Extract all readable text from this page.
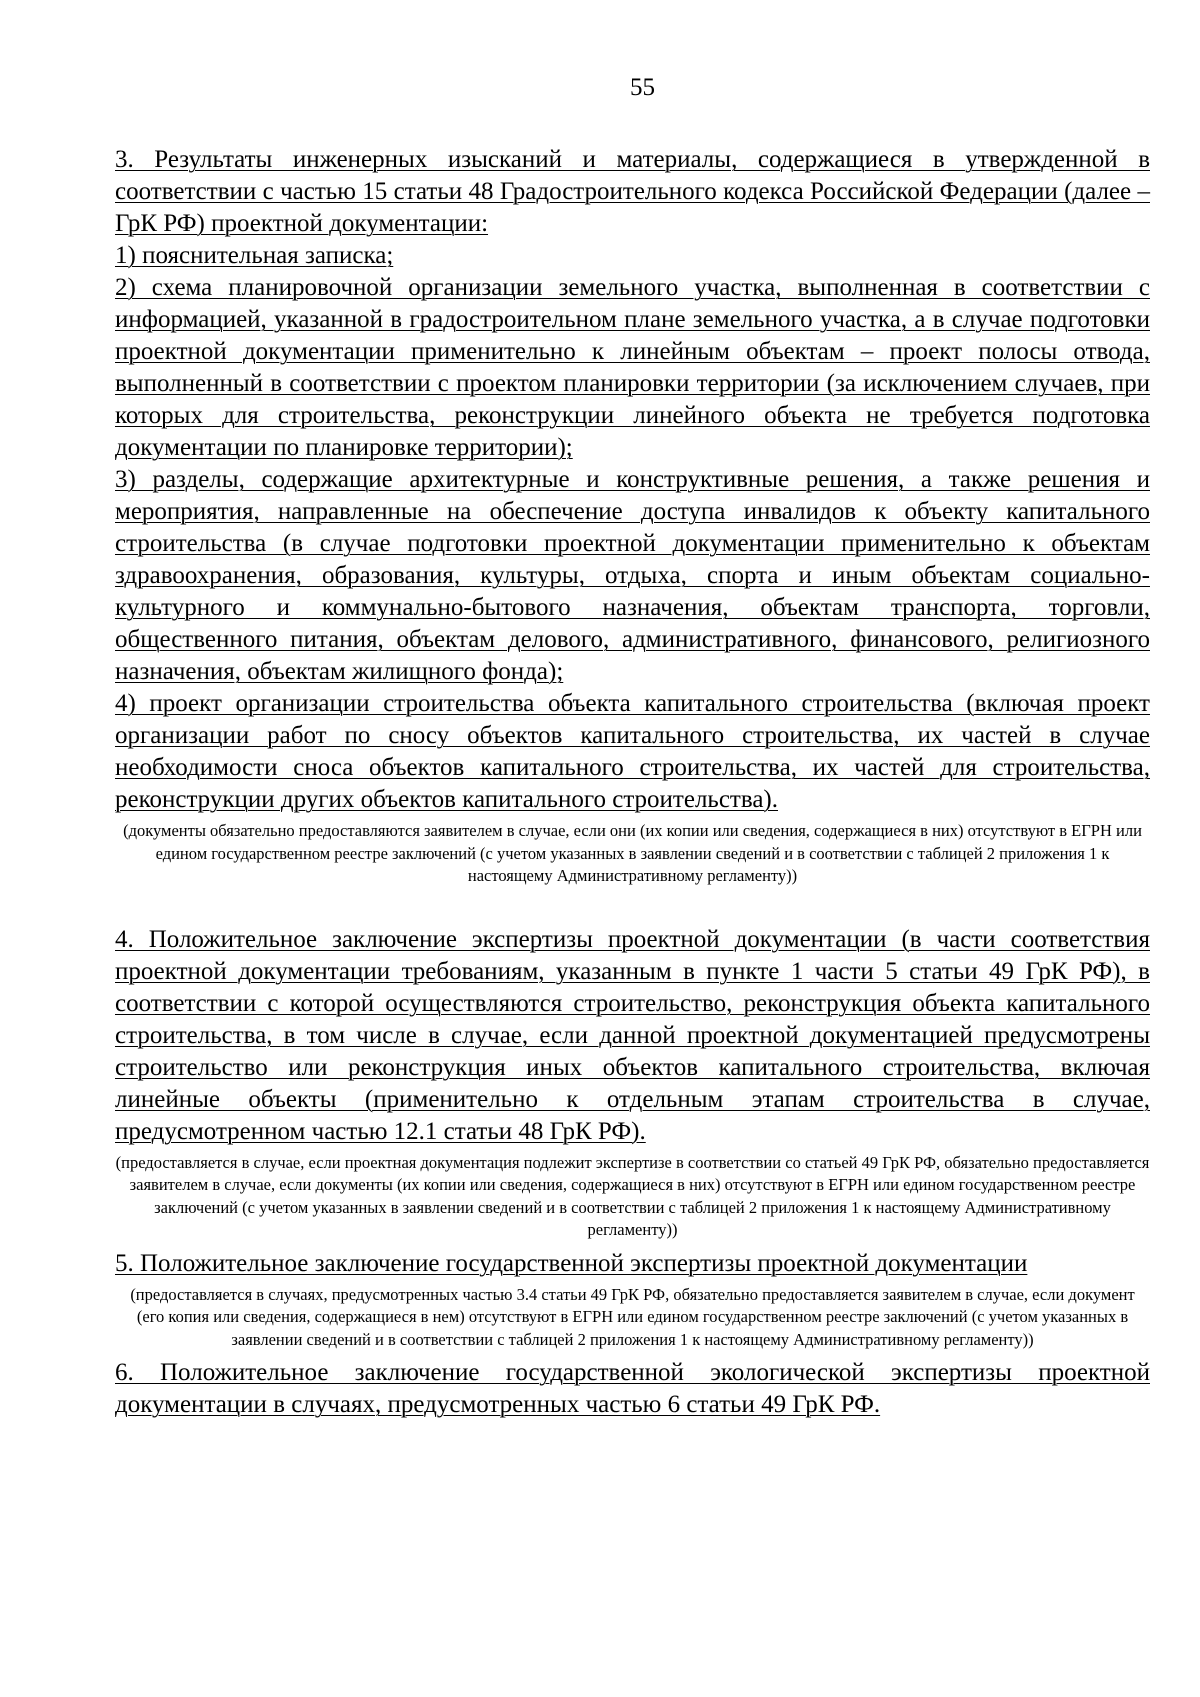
55

3. Результаты инженерных изысканий и материалы, содержащиеся в утвержденной в соответствии с частью 15 статьи 48 Градостроительного кодекса Российской Федерации (далее – ГрК РФ) проектной документации:

1) пояснительная записка;

2) схема планировочной организации земельного участка, выполненная в соответствии с информацией, указанной в градостроительном плане земельного участка, а в случае подготовки проектной документации применительно к линейным объектам – проект полосы отвода, выполненный в соответствии с проектом планировки территории (за исключением случаев, при которых для строительства, реконструкции линейного объекта не требуется подготовка документации по планировке территории);

3) разделы, содержащие архитектурные и конструктивные решения, а также решения и мероприятия, направленные на обеспечение доступа инвалидов к объекту капитального строительства (в случае подготовки проектной документации применительно к объектам здравоохранения, образования, культуры, отдыха, спорта и иным объектам социально-культурного и коммунально-бытового назначения, объектам транспорта, торговли, общественного питания, объектам делового, административного, финансового, религиозного назначения, объектам жилищного фонда);

4) проект организации строительства объекта капитального строительства (включая проект организации работ по сносу объектов капитального строительства, их частей в случае необходимости сноса объектов капитального строительства, их частей для строительства, реконструкции других объектов капитального строительства).

(документы обязательно предоставляются заявителем в случае, если они (их копии или сведения, содержащиеся в них) отсутствуют в ЕГРН или едином государственном реестре заключений (с учетом указанных в заявлении сведений и в соответствии с таблицей 2 приложения 1 к настоящему Административному регламенту))

4. Положительное заключение экспертизы проектной документации (в части соответствия проектной документации требованиям, указанным в пункте 1 части 5 статьи 49 ГрК РФ), в соответствии с которой осуществляются строительство, реконструкция объекта капитального строительства, в том числе в случае, если данной проектной документацией предусмотрены строительство или реконструкция иных объектов капитального строительства, включая линейные объекты (применительно к отдельным этапам строительства в случае, предусмотренном частью 12.1 статьи 48 ГрК РФ).

(предоставляется в случае, если проектная документация подлежит экспертизе в соответствии со статьей 49 ГрК РФ, обязательно предоставляется заявителем в случае, если документы (их копии или сведения, содержащиеся в них) отсутствуют в ЕГРН или едином государственном реестре заключений (с учетом указанных в заявлении сведений и в соответствии с таблицей 2 приложения 1 к настоящему Административному регламенту))

5. Положительное заключение государственной экспертизы проектной документации

(предоставляется в случаях, предусмотренных частью 3.4 статьи 49 ГрК РФ, обязательно предоставляется заявителем в случае, если документ (его копия или сведения, содержащиеся в нем) отсутствуют в ЕГРН или едином государственном реестре заключений (с учетом указанных в заявлении сведений и в соответствии с таблицей 2 приложения 1 к настоящему Административному регламенту))

6. Положительное заключение государственной экологической экспертизы проектной документации в случаях, предусмотренных частью 6 статьи 49 ГрК РФ.
